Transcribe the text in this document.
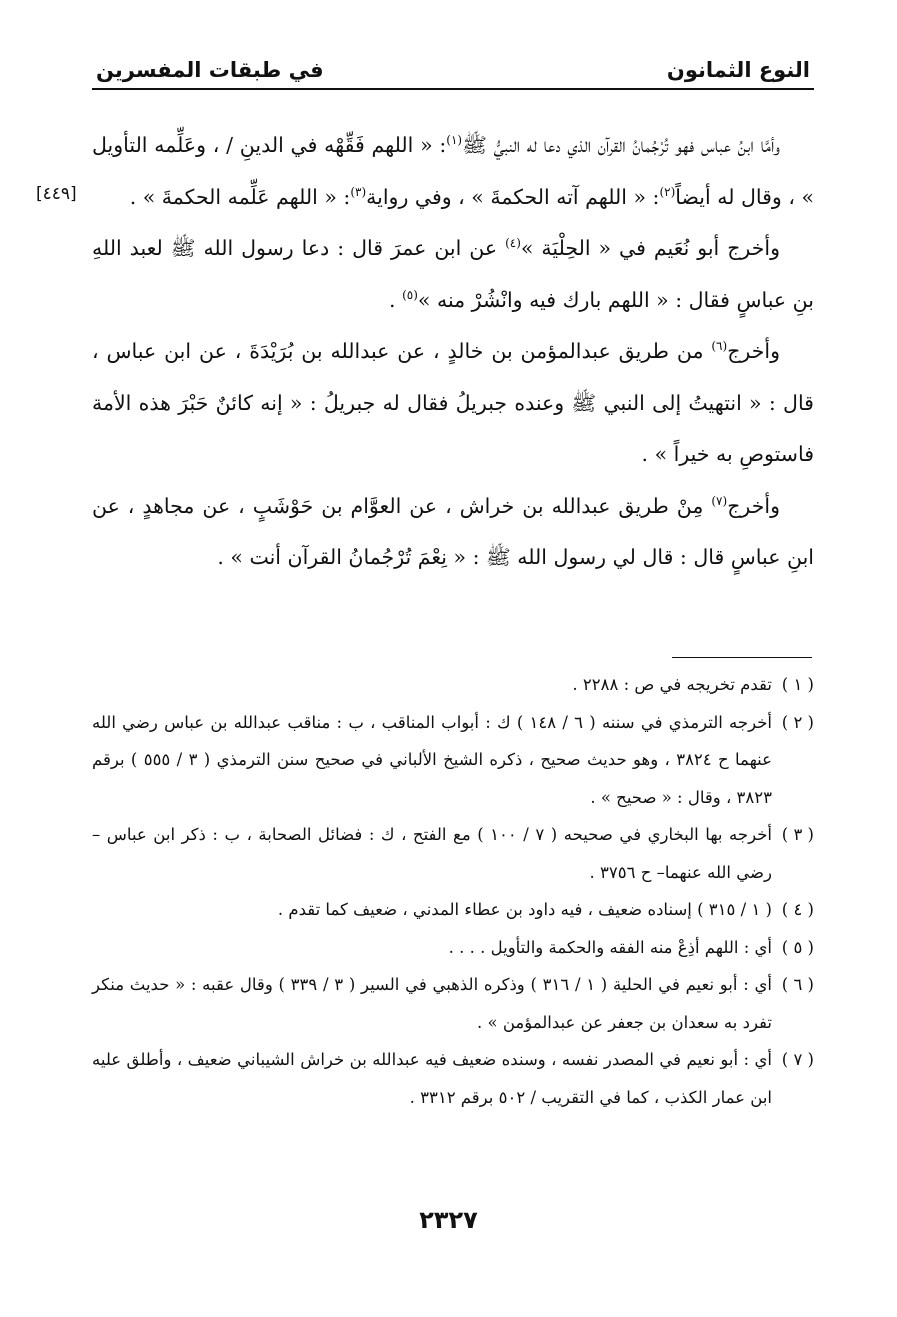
النوع الثمانون
في طبقات المفسرين
[٤٤٩]

وأمَّا ابنُ عباس فهو تُرْجُمانُ القرآن الذي دعا له النبيُّ ﷺ$^{(١)}$: « اللهم فَقِّهْه في الدينِ / ، وعَلِّمه التأويل » ، وقال له أيضاً$^{(٢)}$: « اللهم آته الحكمةَ » ، وفي رواية$^{(٣)}$: « اللهم عَلِّمه الحكمةَ » .

وأخرج أبو نُعَيم في « الحِلْيَة »$^{(٤)}$ عن ابن عمرَ قال : دعا رسول الله ﷺ لعبد اللهِ بنِ عباسٍ فقال : « اللهم بارك فيه وانْشُرْ منه »$^{(٥)}$ .

وأخرج$^{(٦)}$ من طريق عبدالمؤمن بن خالدٍ ، عن عبدالله بن بُرَيْدَةَ ، عن ابن عباس ، قال : « انتهيتُ إلى النبي ﷺ وعنده جبريلُ فقال له جبريلُ : « إنه كائنٌ حَبْرَ هذه الأمة فاستوصِ به خيراً » .

وأخرج$^{(٧)}$ مِنْ طريق عبدالله بن خراش ، عن العوَّام بن حَوْشَبٍ ، عن مجاهدٍ ، عن ابنِ عباسٍ قال : قال لي رسول الله ﷺ : « نِعْمَ تُرْجُمانُ القرآن أنت » .

( ١ )
تقدم تخريجه في ص : ٢٢٨٨ .

( ٢ )
أخرجه الترمذي في سننه ( ٦ / ١٤٨ ) ك : أبواب المناقب ، ب : مناقب عبدالله بن عباس رضي الله عنهما ح ٣٨٢٤ ، وهو حديث صحيح ، ذكره الشيخ الألباني في صحيح سنن الترمذي ( ٣ / ٥٥٥ ) برقم ٣٨٢٣ ، وقال : « صحيح » .

( ٣ )
أخرجه بها البخاري في صحيحه ( ٧ / ١٠٠ ) مع الفتح ، ك : فضائل الصحابة ، ب : ذكر ابن عباس –رضي الله عنهما– ح ٣٧٥٦ .

( ٤ )
( ١ / ٣١٥ ) إسناده ضعيف ، فيه داود بن عطاء المدني ، ضعيف كما تقدم .

( ٥ )
أي : اللهم أذِعْ منه الفقه والحكمة والتأويل . . . .

( ٦ )
أي : أبو نعيم في الحلية ( ١ / ٣١٦ ) وذكره الذهبي في السير ( ٣ / ٣٣٩ ) وقال عقبه : « حديث منكر تفرد به سعدان بن جعفر عن عبدالمؤمن » .

( ٧ )
أي : أبو نعيم في المصدر نفسه ، وسنده ضعيف فيه عبدالله بن خراش الشيباني ضعيف ، وأطلق عليه ابن عمار الكذب ، كما في التقريب / ٥٠٢ برقم ٣٣١٢ .

٢٣٢٧
